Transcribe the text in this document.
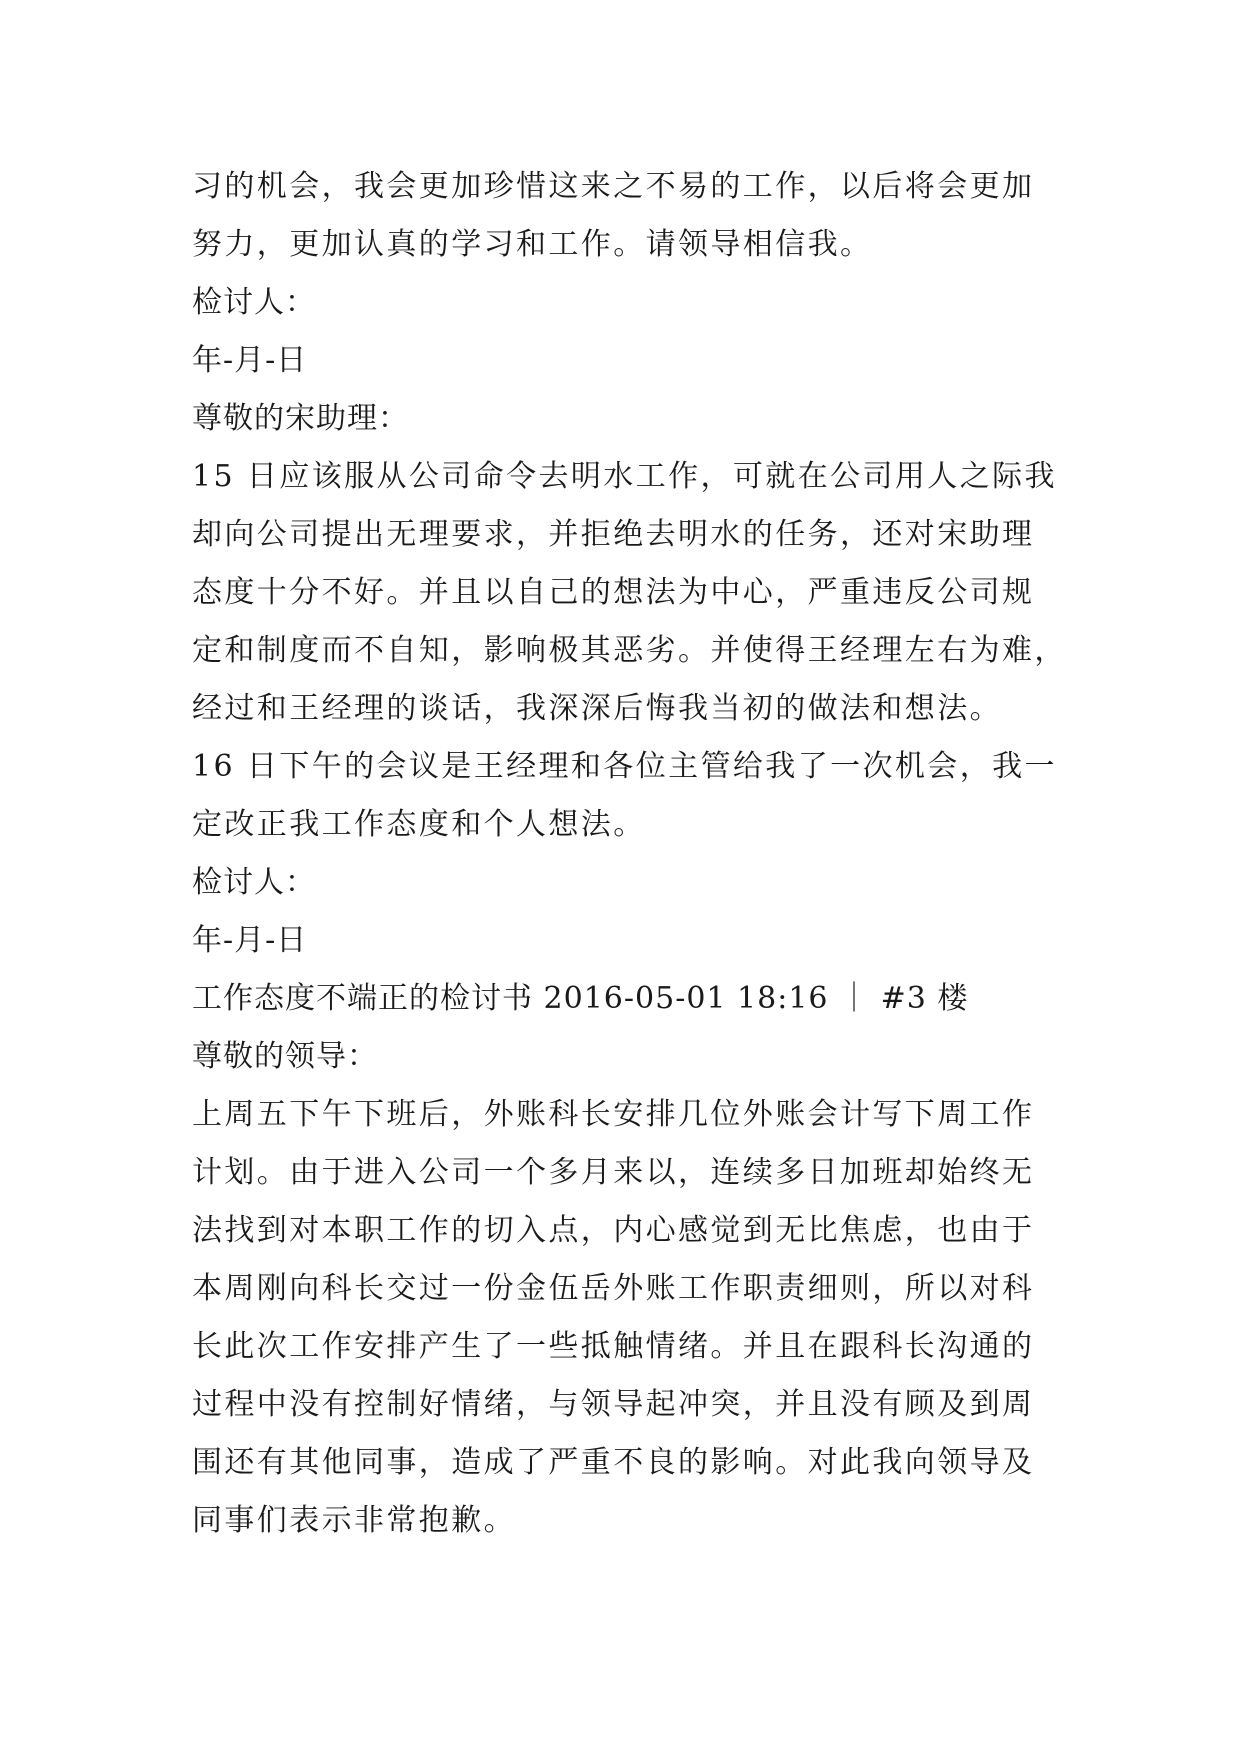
习的机会，我会更加珍惜这来之不易的工作，以后将会更加
努力，更加认真的学习和工作。请领导相信我。
检讨人：
年-月-日
尊敬的宋助理：
15 日应该服从公司命令去明水工作，可就在公司用人之际我
却向公司提出无理要求，并拒绝去明水的任务，还对宋助理
态度十分不好。并且以自己的想法为中心，严重违反公司规
定和制度而不自知，影响极其恶劣。并使得王经理左右为难，
经过和王经理的谈话，我深深后悔我当初的做法和想法。
16 日下午的会议是王经理和各位主管给我了一次机会，我一
定改正我工作态度和个人想法。
检讨人：
年-月-日
工作态度不端正的检讨书 2016-05-01 18:16 ｜ #3 楼
尊敬的领导：
上周五下午下班后，外账科长安排几位外账会计写下周工作
计划。由于进入公司一个多月来以，连续多日加班却始终无
法找到对本职工作的切入点，内心感觉到无比焦虑，也由于
本周刚向科长交过一份金伍岳外账工作职责细则，所以对科
长此次工作安排产生了一些抵触情绪。并且在跟科长沟通的
过程中没有控制好情绪，与领导起冲突，并且没有顾及到周
围还有其他同事，造成了严重不良的影响。对此我向领导及
同事们表示非常抱歉。
